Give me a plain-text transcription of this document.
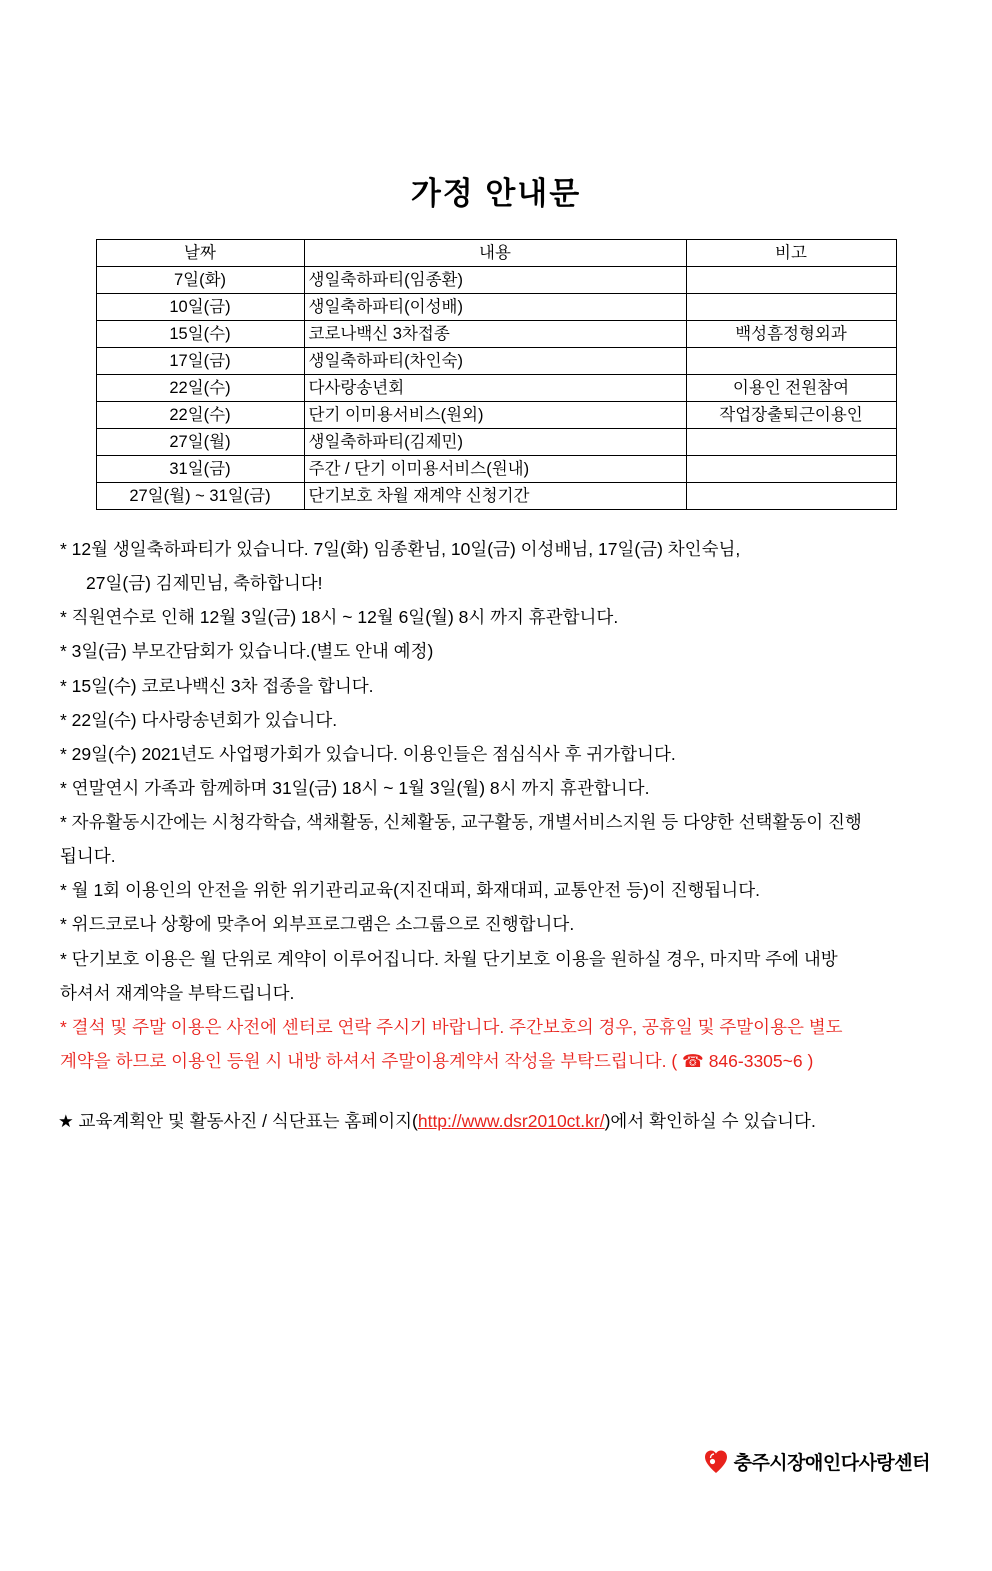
가정 안내문
날짜	내용	비고
7일(화)	생일축하파티(임종환)	
10일(금)	생일축하파티(이성배)	
15일(수)	코로나백신 3차접종	백성흠정형외과
17일(금)	생일축하파티(차인숙)	
22일(수)	다사랑송년회	이용인 전원참여
22일(수)	단기 이미용서비스(원외)	작업장출퇴근이용인
27일(월)	생일축하파티(김제민)	
31일(금)	주간 / 단기 이미용서비스(원내)	
27일(월) ~ 31일(금)	단기보호 차월 재계약 신청기간	
* 12월 생일축하파티가 있습니다. 7일(화) 임종환님, 10일(금) 이성배님, 17일(금) 차인숙님,
27일(금) 김제민님, 축하합니다!
* 직원연수로 인해 12월 3일(금) 18시 ~ 12월 6일(월) 8시 까지 휴관합니다.
* 3일(금) 부모간담회가 있습니다.(별도 안내 예정)
* 15일(수) 코로나백신 3차 접종을 합니다.
* 22일(수) 다사랑송년회가 있습니다.
* 29일(수) 2021년도 사업평가회가 있습니다. 이용인들은 점심식사 후 귀가합니다.
* 연말연시 가족과 함께하며 31일(금) 18시 ~ 1월 3일(월) 8시 까지 휴관합니다.
* 자유활동시간에는 시청각학습, 색채활동, 신체활동, 교구활동, 개별서비스지원 등 다양한 선택활동이 진행
됩니다.
* 월 1회 이용인의 안전을 위한 위기관리교육(지진대피, 화재대피, 교통안전 등)이 진행됩니다.
* 위드코로나 상황에 맞추어 외부프로그램은 소그룹으로 진행합니다.
* 단기보호 이용은 월 단위로 계약이 이루어집니다. 차월 단기보호 이용을 원하실 경우, 마지막 주에 내방
하셔서 재계약을 부탁드립니다.
* 결석 및 주말 이용은 사전에 센터로 연락 주시기 바랍니다. 주간보호의 경우, 공휴일 및 주말이용은 별도
계약을 하므로 이용인 등원 시 내방 하셔서 주말이용계약서 작성을 부탁드립니다. ( ☎ 846-3305~6 )
★ 교육계획안 및 활동사진 / 식단표는 홈페이지(http://www.dsr2010ct.kr/)에서 확인하실 수 있습니다.
충주시장애인다사랑센터
